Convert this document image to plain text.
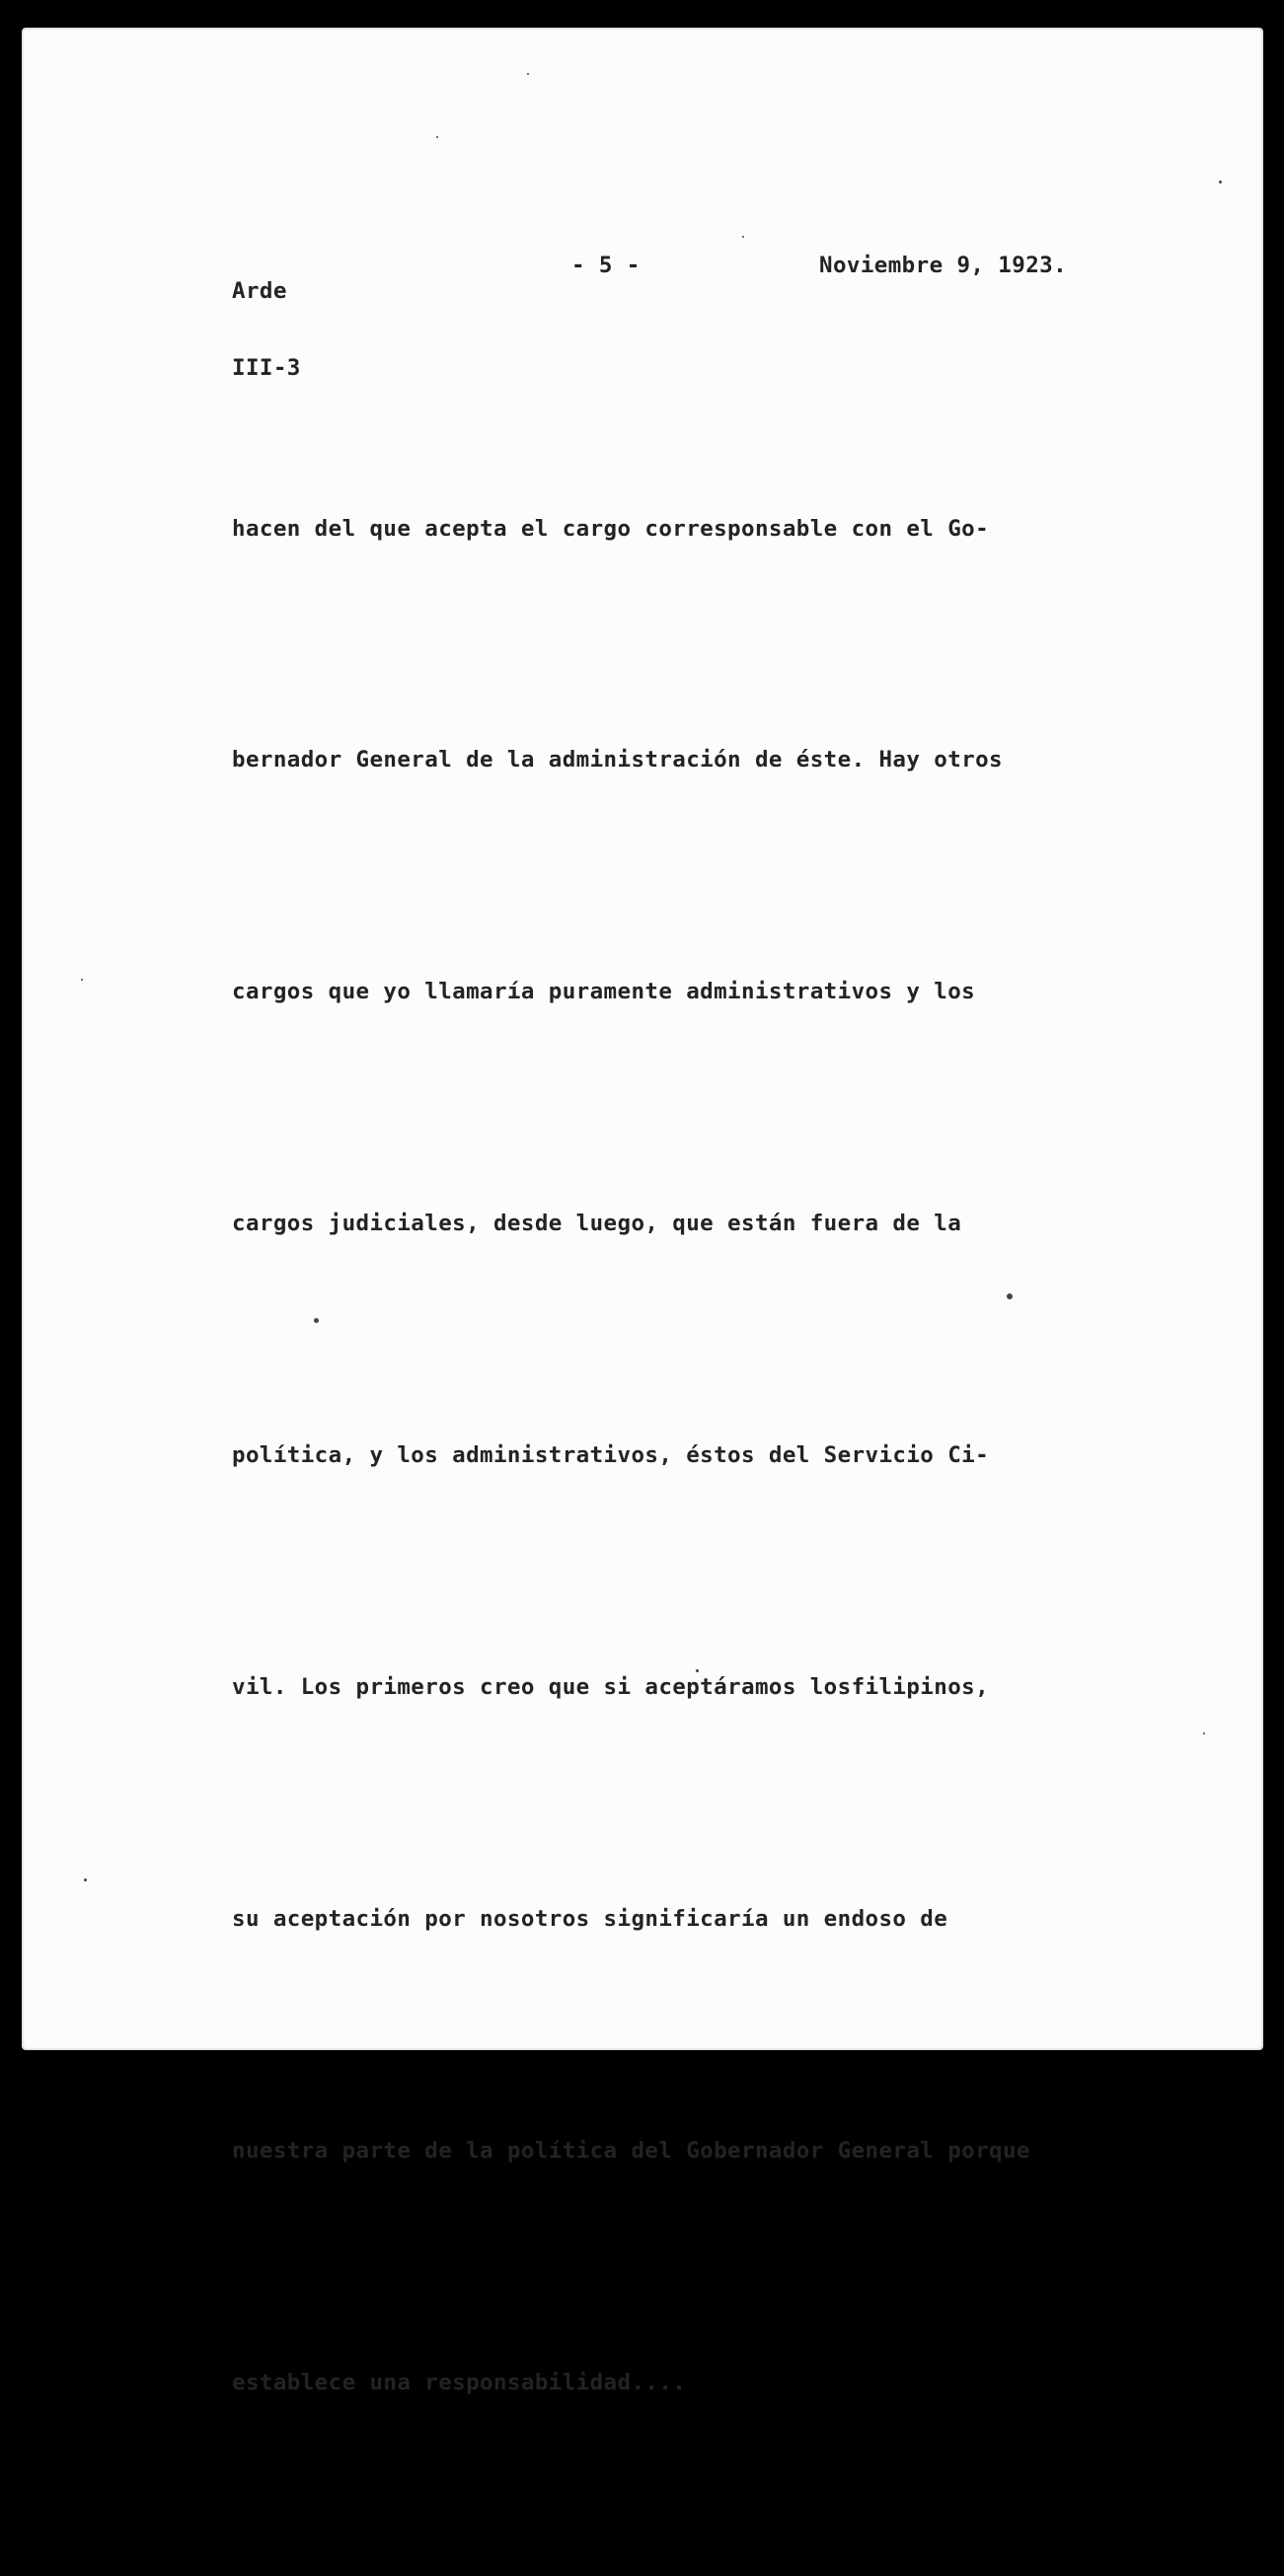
Arde

III-3

- 5 -	Noviembre 9, 1923.

hacen del que acepta el cargo corresponsable con el Go-

bernador General de la administración de éste. Hay otros

cargos que yo llamaría puramente administrativos y los

cargos judiciales, desde luego, que están fuera de la

política, y los administrativos, éstos del Servicio Ci-

vil. Los primeros creo que si aceptáramos losfilipinos,

su aceptación por nosotros significaría un endoso de

nuestra parte de la política del Gobernador General porque

establece una responsabilidad....
